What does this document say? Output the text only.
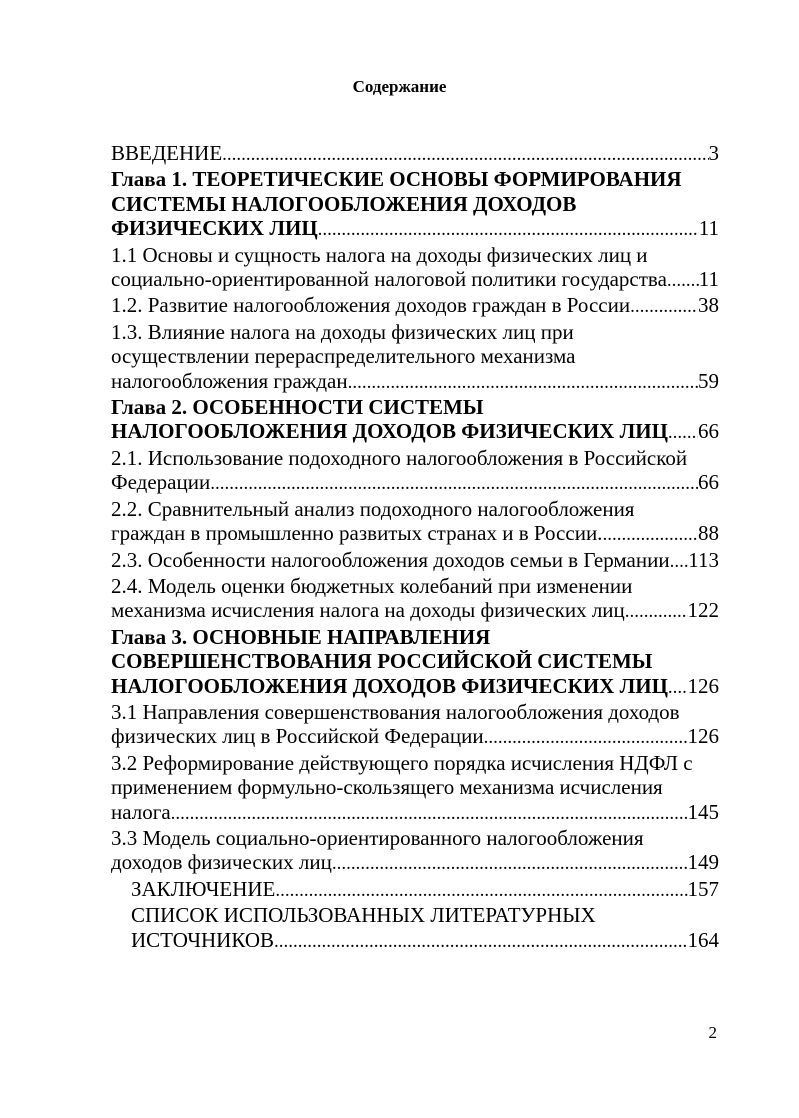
Содержание
ВВЕДЕНИЕ .....	3
Глава 1. ТЕОРЕТИЧЕСКИЕ ОСНОВЫ ФОРМИРОВАНИЯ
СИСТЕМЫ НАЛОГООБЛОЖЕНИЯ ДОХОДОВ
ФИЗИЧЕСКИХ ЛИЦ .....	11
1.1 Основы и сущность налога на доходы физических лиц и
социально-ориентированной налоговой политики государства ..... 11
1.2. Развитие налогообложения доходов граждан в России .....	38
1.3. Влияние налога на доходы физических лиц при
осуществлении перераспределительного механизма
налогообложения граждан .....	59
Глава 2. ОСОБЕННОСТИ СИСТЕМЫ
НАЛОГООБЛОЖЕНИЯ ДОХОДОВ ФИЗИЧЕСКИХ ЛИЦ ..... 66
2.1. Использование подоходного налогообложения в Российской
Федерации .....	66
2.2. Сравнительный анализ подоходного налогообложения
граждан в промышленно развитых странах и в России. .....	88
2.3. Особенности налогообложения доходов семьи в Германии ..... 113
2.4. Модель оценки бюджетных колебаний при изменении
механизма исчисления налога на доходы физических лиц .....	122
Глава 3. ОСНОВНЫЕ НАПРАВЛЕНИЯ
СОВЕРШЕНСТВОВАНИЯ РОССИЙСКОЙ СИСТЕМЫ
НАЛОГООБЛОЖЕНИЯ ДОХОДОВ ФИЗИЧЕСКИХ ЛИЦ ..... 126
3.1 Направления совершенствования налогообложения доходов
физических лиц в Российской Федерации .....	126
3.2 Реформирование действующего порядка исчисления НДФЛ с
применением формульно-скользящего механизма исчисления
налога .....	145
3.3 Модель социально-ориентированного налогообложения
доходов физических лиц .....	149
ЗАКЛЮЧЕНИЕ .....	157
СПИСОК ИСПОЛЬЗОВАННЫХ ЛИТЕРАТУРНЫХ
ИСТОЧНИКОВ .....	164
2
